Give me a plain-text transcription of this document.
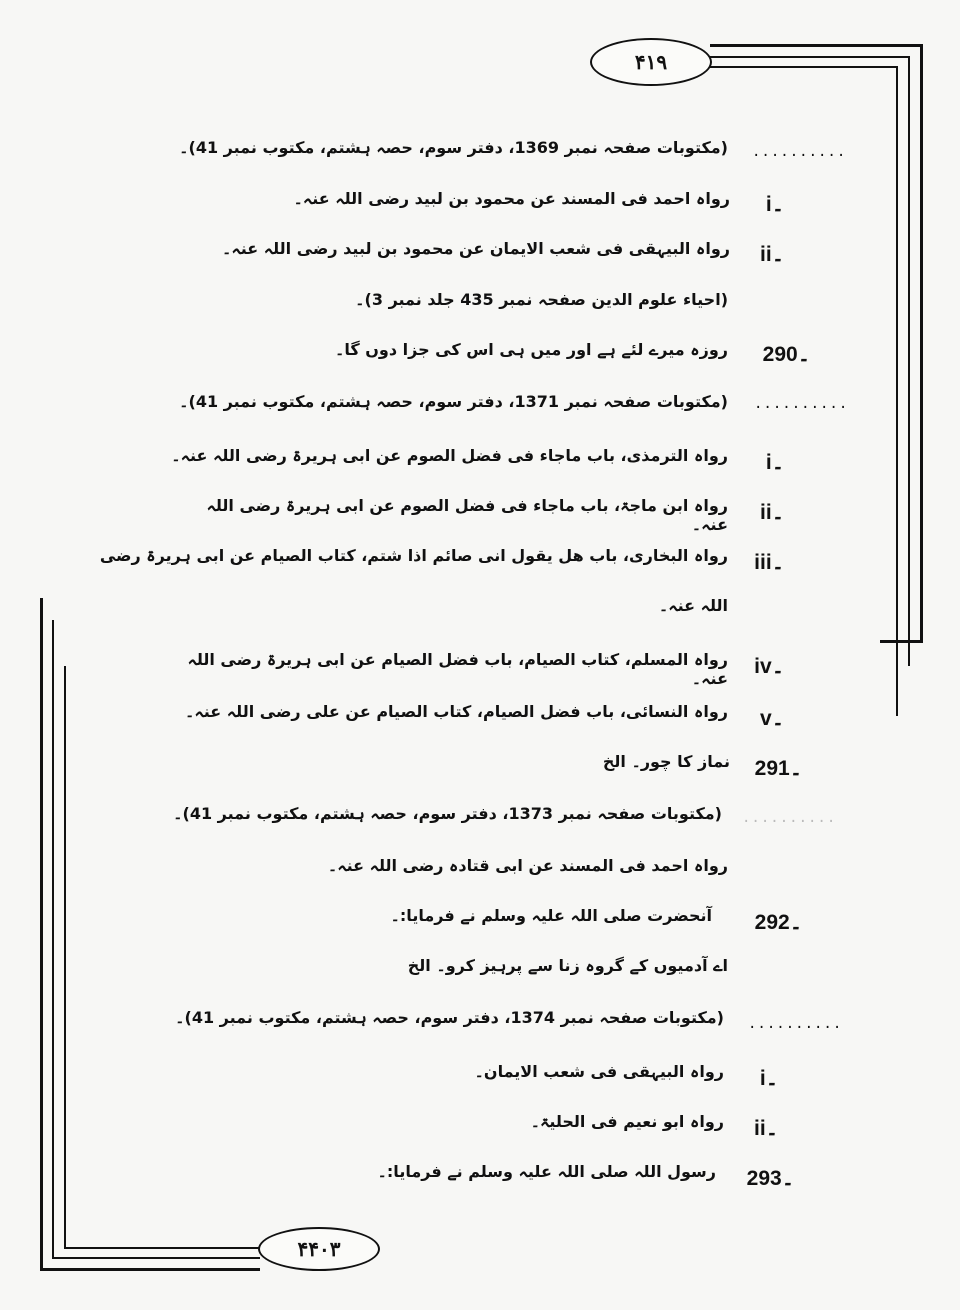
۴۱۹
۴۴۰۳
..........
(مکتوبات صفحہ نمبر 1369، دفتر سوم، حصہ ہشتم، مکتوب نمبر 41)۔
i۔
رواہ احمد فی المسند عن محمود بن لبید رضی اللہ عنہ۔
ii۔
رواہ البیہقی فی شعب الایمان عن محمود بن لبید رضی اللہ عنہ۔
(احیاء علوم الدین صفحہ نمبر 435 جلد نمبر 3)۔
290۔
روزہ میرے لئے ہے اور میں ہی اس کی جزا دوں گا۔
..........
(مکتوبات صفحہ نمبر 1371، دفتر سوم، حصہ ہشتم، مکتوب نمبر 41)۔
i۔
رواہ الترمذی، باب ماجاء فی فضل الصوم عن ابی ہریرۃ رضی اللہ عنہ۔
ii۔
رواہ ابن ماجۃ، باب ماجاء فی فضل الصوم عن ابی ہریرۃ رضی اللہ عنہ۔
iii۔
رواہ البخاری، باب ھل یقول انی صائم اذا شتم، کتاب الصیام عن ابی ہریرۃ رضی
اللہ عنہ۔
iv۔
رواہ المسلم، کتاب الصیام، باب فضل الصیام عن ابی ہریرۃ رضی اللہ عنہ۔
v۔
رواہ النسائی، باب فضل الصیام، کتاب الصیام عن علی رضی اللہ عنہ۔
291۔
نماز کا چور۔ الخ
..........
(مکتوبات صفحہ نمبر 1373، دفتر سوم، حصہ ہشتم، مکتوب نمبر 41)۔
رواہ احمد فی المسند عن ابی قتادہ رضی اللہ عنہ۔
292۔
آنحضرت صلی اللہ علیہ وسلم نے فرمایا:۔
اے آدمیوں کے گروہ زنا سے پرہیز کرو۔ الخ
..........
(مکتوبات صفحہ نمبر 1374، دفتر سوم، حصہ ہشتم، مکتوب نمبر 41)۔
i۔
رواہ البیہقی فی شعب الایمان۔
ii۔
رواہ ابو نعیم فی الحلیۃ۔
293۔
رسول اللہ صلی اللہ علیہ وسلم نے فرمایا:۔
